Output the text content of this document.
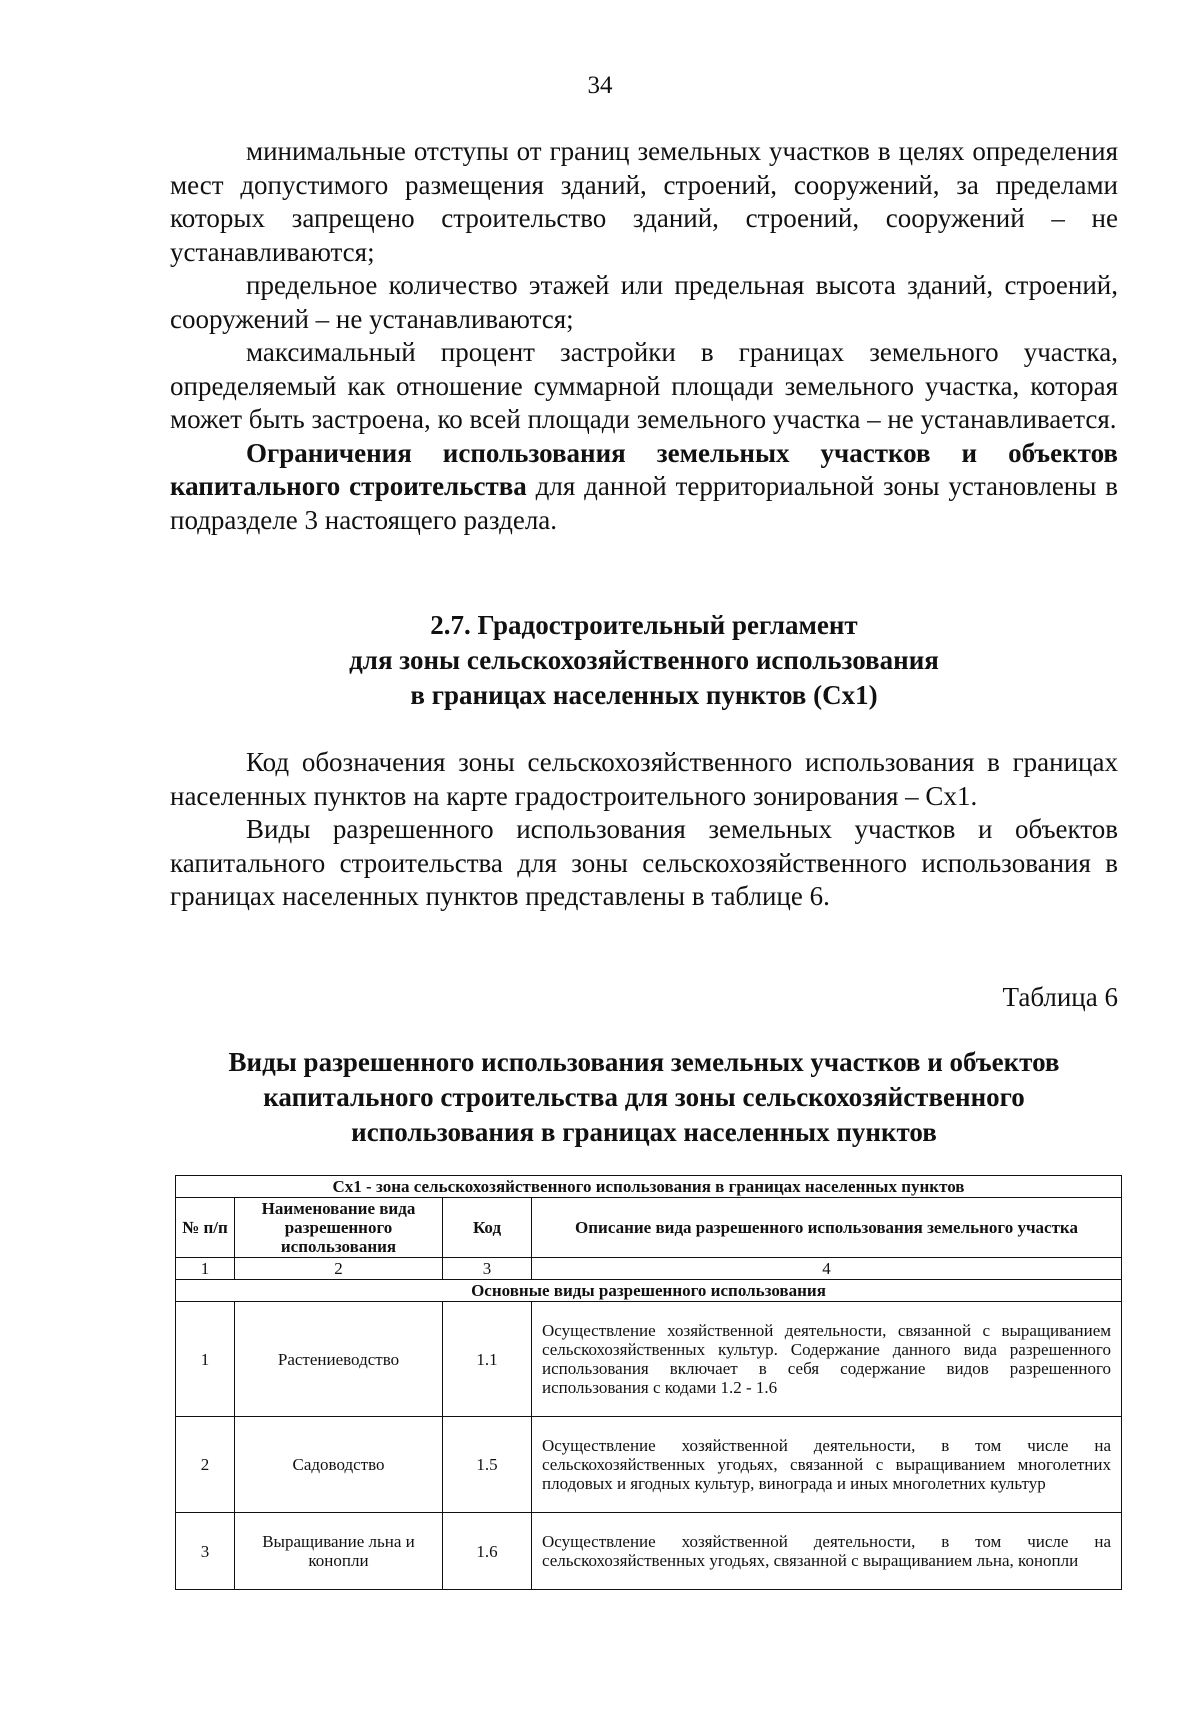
34

минимальные отступы от границ земельных участков в целях определения мест допустимого размещения зданий, строений, сооружений, за пределами которых запрещено строительство зданий, строений, сооружений – не устанавливаются;

предельное количество этажей или предельная высота зданий, строений, сооружений – не устанавливаются;

максимальный процент застройки в границах земельного участка, определяемый как отношение суммарной площади земельного участка, которая может быть застроена, ко всей площади земельного участка – не устанавливается.

Ограничения использования земельных участков и объектов капитального строительства для данной территориальной зоны установлены в подразделе 3 настоящего раздела.

2.7. Градостроительный регламент
для зоны сельскохозяйственного использования
в границах населенных пунктов (Сх1)

Код обозначения зоны сельскохозяйственного использования в границах населенных пунктов на карте градостроительного зонирования – Сх1.

Виды разрешенного использования земельных участков и объектов капитального строительства для зоны сельскохозяйственного использования в границах населенных пунктов представлены в таблице 6.

Таблица 6
Виды разрешенного использования земельных участков и объектов
капитального строительства для зоны сельскохозяйственного
использования в границах населенных пунктов
Сх1 - зона сельскохозяйственного использования в границах населенных пунктов			
№ п/п	Наименование вида разрешенного использования	Код	Описание вида разрешенного использования земельного участка
1	2	3	4
Основные виды разрешенного использования			
1	Растениеводство	1.1	Осуществление хозяйственной деятельности, связанной с выращиванием сельскохозяйственных культур. Содержание данного вида разрешенного использования включает в себя содержание видов разрешенного использования с кодами 1.2 - 1.6
2	Садоводство	1.5	Осуществление хозяйственной деятельности, в том числе на сельскохозяйственных угодьях, связанной с выращиванием многолетних плодовых и ягодных культур, винограда и иных многолетних культур
3	Выращивание льна и конопли	1.6	Осуществление хозяйственной деятельности, в том числе на сельскохозяйственных угодьях, связанной с выращиванием льна, конопли
